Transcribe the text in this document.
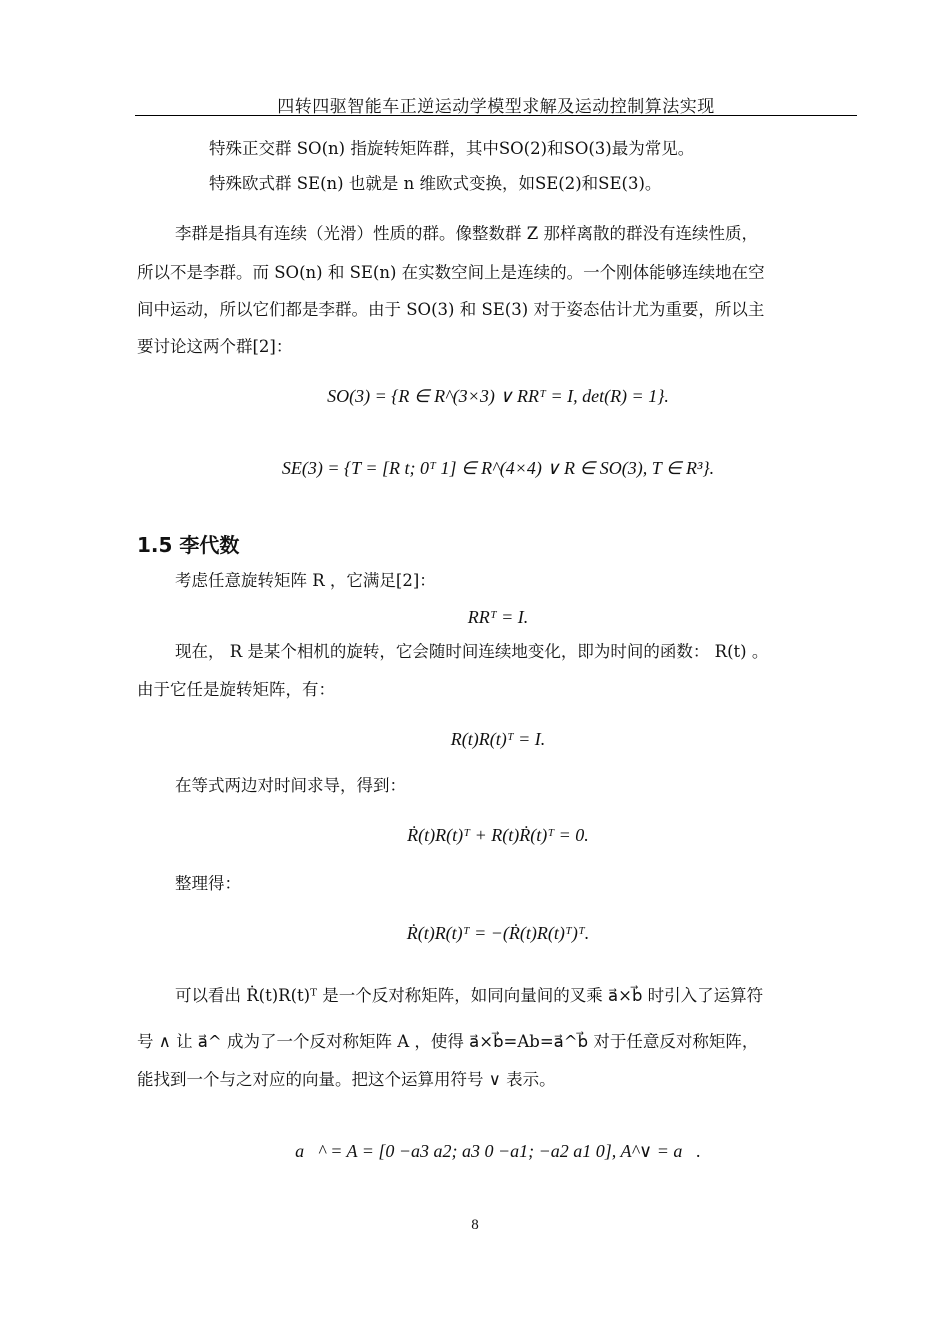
四转四驱智能车正逆运动学模型求解及运动控制算法实现
特殊正交群 SO(n) 指旋转矩阵群，其中SO(2)和SO(3)最为常见。
特殊欧式群 SE(n) 也就是 n 维欧式变换，如SE(2)和SE(3)。
李群是指具有连续（光滑）性质的群。像整数群 Z 那样离散的群没有连续性质，
所以不是李群。而 SO(n) 和 SE(n) 在实数空间上是连续的。一个刚体能够连续地在空
间中运动，所以它们都是李群。由于 SO(3) 和 SE(3) 对于姿态估计尤为重要，所以主
要讨论这两个群[2]：
SO(3) = {R ∈ R^(3×3) ∨ RRᵀ = I, det(R) = 1}.
SE(3) = {T = [R t; 0ᵀ 1] ∈ R^(4×4) ∨ R ∈ SO(3), T ∈ R³}.
1.5 李代数
考虑任意旋转矩阵 R ，它满足[2]：
RRᵀ = I.
现在， R 是某个相机的旋转，它会随时间连续地变化，即为时间的函数： R(t) 。
由于它任是旋转矩阵，有：
R(t)R(t)ᵀ = I.
在等式两边对时间求导，得到：
Ṙ(t)R(t)ᵀ + R(t)Ṙ(t)ᵀ = 0.
整理得：
Ṙ(t)R(t)ᵀ = −(Ṙ(t)R(t)ᵀ)ᵀ.
可以看出 Ṙ(t)R(t)ᵀ 是一个反对称矩阵，如同向量间的叉乘 a⃗×b⃗ 时引入了运算符
号 ∧ 让 a⃗^ 成为了一个反对称矩阵 A ，使得 a⃗×b⃗=Ab=a⃗^b⃗ 对于任意反对称矩阵，
能找到一个与之对应的向量。把这个运算用符号 ∨ 表示。
a⃗^ = A = [0 −a3 a2; a3 0 −a1; −a2 a1 0], A^∨ = a⃗.
8
